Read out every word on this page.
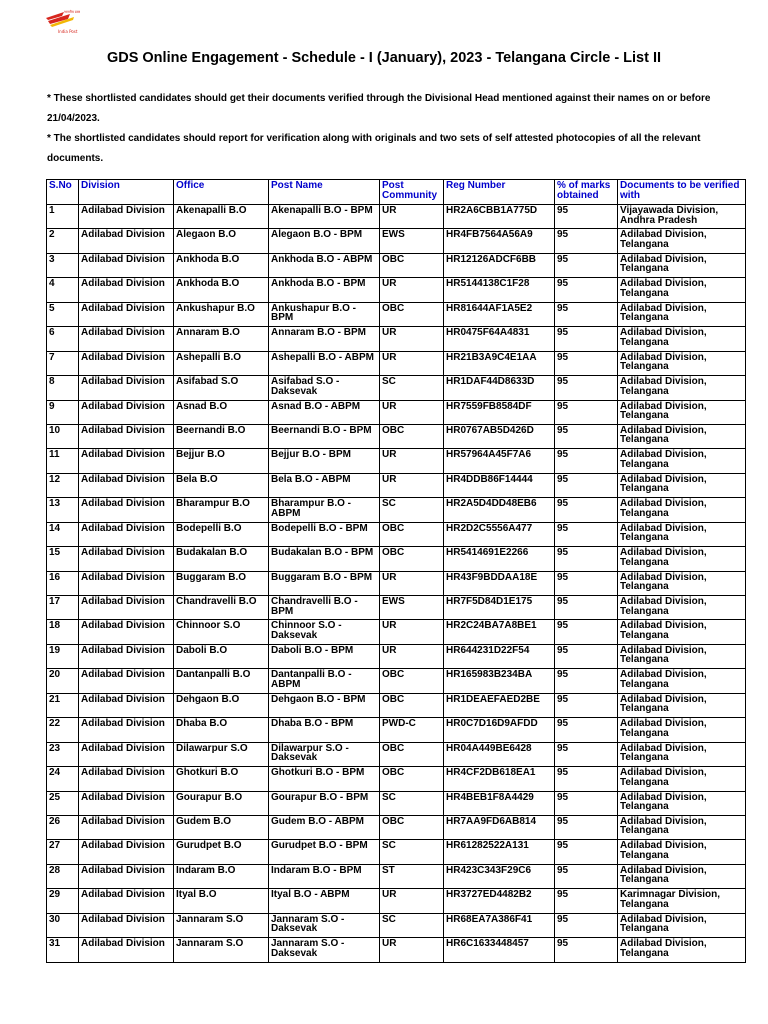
India Post
भारतीय डाक
GDS Online Engagement - Schedule - I (January), 2023 - Telangana Circle - List II

* These shortlisted candidates should get their documents verified through the Divisional Head mentioned against their names on or before 21/04/2023.

* The shortlisted candidates should report for verification along with originals and two sets of self attested photocopies of all the relevant documents.

S.No	Division	Office	Post Name	Post Community	Reg Number	% of marks obtained	Documents to be verified with
1	Adilabad Division	Akenapalli B.O	Akenapalli B.O - BPM	UR	HR2A6CBB1A775D	95	Vijayawada Division, Andhra Pradesh
2	Adilabad Division	Alegaon B.O	Alegaon B.O - BPM	EWS	HR4FB7564A56A9	95	Adilabad Division, Telangana
3	Adilabad Division	Ankhoda B.O	Ankhoda B.O - ABPM	OBC	HR12126ADCF6BB	95	Adilabad Division, Telangana
4	Adilabad Division	Ankhoda B.O	Ankhoda B.O - BPM	UR	HR5144138C1F28	95	Adilabad Division, Telangana
5	Adilabad Division	Ankushapur B.O	Ankushapur B.O - BPM	OBC	HR81644AF1A5E2	95	Adilabad Division, Telangana
6	Adilabad Division	Annaram B.O	Annaram B.O - BPM	UR	HR0475F64A4831	95	Adilabad Division, Telangana
7	Adilabad Division	Ashepalli B.O	Ashepalli B.O - ABPM	UR	HR21B3A9C4E1AA	95	Adilabad Division, Telangana
8	Adilabad Division	Asifabad S.O	Asifabad S.O - Daksevak	SC	HR1DAF44D8633D	95	Adilabad Division, Telangana
9	Adilabad Division	Asnad B.O	Asnad B.O - ABPM	UR	HR7559FB8584DF	95	Adilabad Division, Telangana
10	Adilabad Division	Beernandi B.O	Beernandi B.O - BPM	OBC	HR0767AB5D426D	95	Adilabad Division, Telangana
11	Adilabad Division	Bejjur B.O	Bejjur B.O - BPM	UR	HR57964A45F7A6	95	Adilabad Division, Telangana
12	Adilabad Division	Bela B.O	Bela B.O - ABPM	UR	HR4DDB86F14444	95	Adilabad Division, Telangana
13	Adilabad Division	Bharampur B.O	Bharampur B.O - ABPM	SC	HR2A5D4DD48EB6	95	Adilabad Division, Telangana
14	Adilabad Division	Bodepelli B.O	Bodepelli B.O - BPM	OBC	HR2D2C5556A477	95	Adilabad Division, Telangana
15	Adilabad Division	Budakalan B.O	Budakalan B.O - BPM	OBC	HR5414691E2266	95	Adilabad Division, Telangana
16	Adilabad Division	Buggaram B.O	Buggaram B.O - BPM	UR	HR43F9BDDAA18E	95	Adilabad Division, Telangana
17	Adilabad Division	Chandravelli B.O	Chandravelli B.O - BPM	EWS	HR7F5D84D1E175	95	Adilabad Division, Telangana
18	Adilabad Division	Chinnoor S.O	Chinnoor S.O - Daksevak	UR	HR2C24BA7A8BE1	95	Adilabad Division, Telangana
19	Adilabad Division	Daboli B.O	Daboli B.O - BPM	UR	HR644231D22F54	95	Adilabad Division, Telangana
20	Adilabad Division	Dantanpalli B.O	Dantanpalli B.O - ABPM	OBC	HR165983B234BA	95	Adilabad Division, Telangana
21	Adilabad Division	Dehgaon B.O	Dehgaon B.O - BPM	OBC	HR1DEAEFAED2BE	95	Adilabad Division, Telangana
22	Adilabad Division	Dhaba B.O	Dhaba B.O - BPM	PWD-C	HR0C7D16D9AFDD	95	Adilabad Division, Telangana
23	Adilabad Division	Dilawarpur S.O	Dilawarpur S.O - Daksevak	OBC	HR04A449BE6428	95	Adilabad Division, Telangana
24	Adilabad Division	Ghotkuri B.O	Ghotkuri B.O - BPM	OBC	HR4CF2DB618EA1	95	Adilabad Division, Telangana
25	Adilabad Division	Gourapur B.O	Gourapur B.O - BPM	SC	HR4BEB1F8A4429	95	Adilabad Division, Telangana
26	Adilabad Division	Gudem B.O	Gudem B.O - ABPM	OBC	HR7AA9FD6AB814	95	Adilabad Division, Telangana
27	Adilabad Division	Gurudpet B.O	Gurudpet B.O - BPM	SC	HR61282522A131	95	Adilabad Division, Telangana
28	Adilabad Division	Indaram B.O	Indaram B.O - BPM	ST	HR423C343F29C6	95	Adilabad Division, Telangana
29	Adilabad Division	Ityal B.O	Ityal B.O - ABPM	UR	HR3727ED4482B2	95	Karimnagar Division, Telangana
30	Adilabad Division	Jannaram S.O	Jannaram S.O - Daksevak	SC	HR68EA7A386F41	95	Adilabad Division, Telangana
31	Adilabad Division	Jannaram S.O	Jannaram S.O - Daksevak	UR	HR6C1633448457	95	Adilabad Division, Telangana
